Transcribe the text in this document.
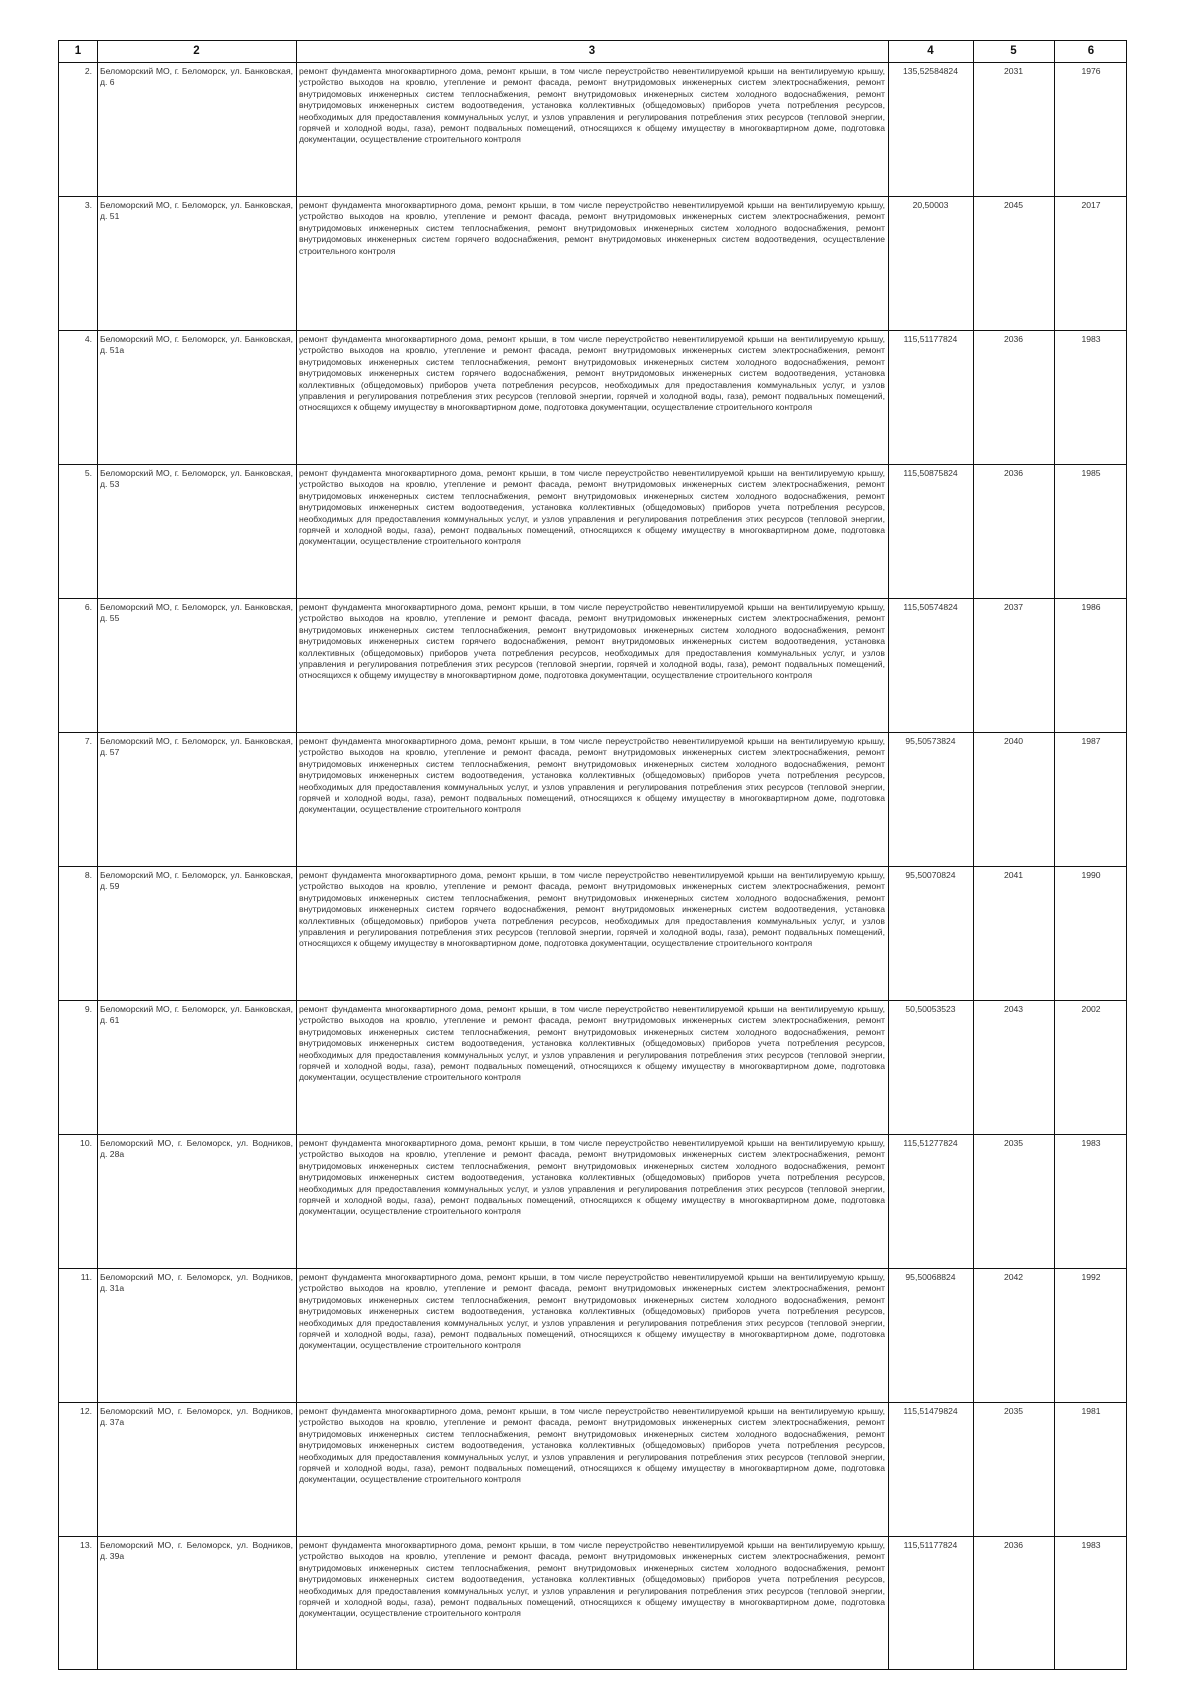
1	2	3	4	5	6
2. Беломорский МО, г. Беломорск, ул. Банковская, д. 6
ремонт фундамента многоквартирного дома, ремонт крыши, в том числе переустройство невентилируемой крыши на вентилируемую крышу, устройство выходов на кровлю, утепление и ремонт фасада, ремонт внутридомовых инженерных систем электроснабжения, ремонт внутридомовых инженерных систем теплоснабжения, ремонт внутридомовых инженерных систем холодного водоснабжения, ремонт внутридомовых инженерных систем водоотведения, установка коллективных (общедомовых) приборов учета потребления ресурсов, необходимых для предоставления коммунальных услуг, и узлов управления и регулирования потребления этих ресурсов (тепловой энергии, горячей и холодной воды, газа), ремонт подвальных помещений, относящихся к общему имуществу в многоквартирном доме, подготовка документации, осуществление строительного контроля
135,52584824	2031	1976
3. Беломорский МО, г. Беломорск, ул. Банковская, д. 51
ремонт фундамента многоквартирного дома, ремонт крыши, в том числе переустройство невентилируемой крыши на вентилируемую крышу, устройство выходов на кровлю, утепление и ремонт фасада, ремонт внутридомовых инженерных систем электроснабжения, ремонт внутридомовых инженерных систем теплоснабжения, ремонт внутридомовых инженерных систем холодного водоснабжения, ремонт внутридомовых инженерных систем горячего водоснабжения, ремонт внутридомовых инженерных систем водоотведения, осуществление строительного контроля
20,50003	2045	2017
4. Беломорский МО, г. Беломорск, ул. Банковская, д. 51а
ремонт фундамента многоквартирного дома, ремонт крыши, в том числе переустройство невентилируемой крыши на вентилируемую крышу, устройство выходов на кровлю, утепление и ремонт фасада, ремонт внутридомовых инженерных систем электроснабжения, ремонт внутридомовых инженерных систем теплоснабжения, ремонт внутридомовых инженерных систем холодного водоснабжения, ремонт внутридомовых инженерных систем горячего водоснабжения, ремонт внутридомовых инженерных систем водоотведения, установка коллективных (общедомовых) приборов учета потребления ресурсов, необходимых для предоставления коммунальных услуг, и узлов управления и регулирования потребления этих ресурсов (тепловой энергии, горячей и холодной воды, газа), ремонт подвальных помещений, относящихся к общему имуществу в многоквартирном доме, подготовка документации, осуществление строительного контроля
115,51177824	2036	1983
5. Беломорский МО, г. Беломорск, ул. Банковская, д. 53
ремонт фундамента многоквартирного дома, ремонт крыши, в том числе переустройство невентилируемой крыши на вентилируемую крышу, устройство выходов на кровлю, утепление и ремонт фасада, ремонт внутридомовых инженерных систем электроснабжения, ремонт внутридомовых инженерных систем теплоснабжения, ремонт внутридомовых инженерных систем холодного водоснабжения, ремонт внутридомовых инженерных систем водоотведения, установка коллективных (общедомовых) приборов учета потребления ресурсов, необходимых для предоставления коммунальных услуг, и узлов управления и регулирования потребления этих ресурсов (тепловой энергии, горячей и холодной воды, газа), ремонт подвальных помещений, относящихся к общему имуществу в многоквартирном доме, подготовка документации, осуществление строительного контроля
115,50875824	2036	1985
6. Беломорский МО, г. Беломорск, ул. Банковская, д. 55
ремонт фундамента многоквартирного дома, ремонт крыши, в том числе переустройство невентилируемой крыши на вентилируемую крышу, устройство выходов на кровлю, утепление и ремонт фасада, ремонт внутридомовых инженерных систем электроснабжения, ремонт внутридомовых инженерных систем теплоснабжения, ремонт внутридомовых инженерных систем холодного водоснабжения, ремонт внутридомовых инженерных систем горячего водоснабжения, ремонт внутридомовых инженерных систем водоотведения, установка коллективных (общедомовых) приборов учета потребления ресурсов, необходимых для предоставления коммунальных услуг, и узлов управления и регулирования потребления этих ресурсов (тепловой энергии, горячей и холодной воды, газа), ремонт подвальных помещений, относящихся к общему имуществу в многоквартирном доме, подготовка документации, осуществление строительного контроля
115,50574824	2037	1986
7. Беломорский МО, г. Беломорск, ул. Банковская, д. 57
ремонт фундамента многоквартирного дома, ремонт крыши, в том числе переустройство невентилируемой крыши на вентилируемую крышу, устройство выходов на кровлю, утепление и ремонт фасада, ремонт внутридомовых инженерных систем электроснабжения, ремонт внутридомовых инженерных систем теплоснабжения, ремонт внутридомовых инженерных систем холодного водоснабжения, ремонт внутридомовых инженерных систем водоотведения, установка коллективных (общедомовых) приборов учета потребления ресурсов, необходимых для предоставления коммунальных услуг, и узлов управления и регулирования потребления этих ресурсов (тепловой энергии, горячей и холодной воды, газа), ремонт подвальных помещений, относящихся к общему имуществу в многоквартирном доме, подготовка документации, осуществление строительного контроля
95,50573824	2040	1987
8. Беломорский МО, г. Беломорск, ул. Банковская, д. 59
ремонт фундамента многоквартирного дома, ремонт крыши, в том числе переустройство невентилируемой крыши на вентилируемую крышу, устройство выходов на кровлю, утепление и ремонт фасада, ремонт внутридомовых инженерных систем электроснабжения, ремонт внутридомовых инженерных систем теплоснабжения, ремонт внутридомовых инженерных систем холодного водоснабжения, ремонт внутридомовых инженерных систем горячего водоснабжения, ремонт внутридомовых инженерных систем водоотведения, установка коллективных (общедомовых) приборов учета потребления ресурсов, необходимых для предоставления коммунальных услуг, и узлов управления и регулирования потребления этих ресурсов (тепловой энергии, горячей и холодной воды, газа), ремонт подвальных помещений, относящихся к общему имуществу в многоквартирном доме, подготовка документации, осуществление строительного контроля
95,50070824	2041	1990
9. Беломорский МО, г. Беломорск, ул. Банковская, д. 61
ремонт фундамента многоквартирного дома, ремонт крыши, в том числе переустройство невентилируемой крыши на вентилируемую крышу, устройство выходов на кровлю, утепление и ремонт фасада, ремонт внутридомовых инженерных систем электроснабжения, ремонт внутридомовых инженерных систем теплоснабжения, ремонт внутридомовых инженерных систем холодного водоснабжения, ремонт внутридомовых инженерных систем водоотведения, установка коллективных (общедомовых) приборов учета потребления ресурсов, необходимых для предоставления коммунальных услуг, и узлов управления и регулирования потребления этих ресурсов (тепловой энергии, горячей и холодной воды, газа), ремонт подвальных помещений, относящихся к общему имуществу в многоквартирном доме, подготовка документации, осуществление строительного контроля
50,50053523	2043	2002
10. Беломорский МО, г. Беломорск, ул. Водников, д. 28а
ремонт фундамента многоквартирного дома, ремонт крыши, в том числе переустройство невентилируемой крыши на вентилируемую крышу, устройство выходов на кровлю, утепление и ремонт фасада, ремонт внутридомовых инженерных систем электроснабжения, ремонт внутридомовых инженерных систем теплоснабжения, ремонт внутридомовых инженерных систем холодного водоснабжения, ремонт внутридомовых инженерных систем водоотведения, установка коллективных (общедомовых) приборов учета потребления ресурсов, необходимых для предоставления коммунальных услуг, и узлов управления и регулирования потребления этих ресурсов (тепловой энергии, горячей и холодной воды, газа), ремонт подвальных помещений, относящихся к общему имуществу в многоквартирном доме, подготовка документации, осуществление строительного контроля
115,51277824	2035	1983
11. Беломорский МО, г. Беломорск, ул. Водников, д. 31а
ремонт фундамента многоквартирного дома, ремонт крыши, в том числе переустройство невентилируемой крыши на вентилируемую крышу, устройство выходов на кровлю, утепление и ремонт фасада, ремонт внутридомовых инженерных систем электроснабжения, ремонт внутридомовых инженерных систем теплоснабжения, ремонт внутридомовых инженерных систем холодного водоснабжения, ремонт внутридомовых инженерных систем водоотведения, установка коллективных (общедомовых) приборов учета потребления ресурсов, необходимых для предоставления коммунальных услуг, и узлов управления и регулирования потребления этих ресурсов (тепловой энергии, горячей и холодной воды, газа), ремонт подвальных помещений, относящихся к общему имуществу в многоквартирном доме, подготовка документации, осуществление строительного контроля
95,50068824	2042	1992
12. Беломорский МО, г. Беломорск, ул. Водников, д. 37а
ремонт фундамента многоквартирного дома, ремонт крыши, в том числе переустройство невентилируемой крыши на вентилируемую крышу, устройство выходов на кровлю, утепление и ремонт фасада, ремонт внутридомовых инженерных систем электроснабжения, ремонт внутридомовых инженерных систем теплоснабжения, ремонт внутридомовых инженерных систем холодного водоснабжения, ремонт внутридомовых инженерных систем водоотведения, установка коллективных (общедомовых) приборов учета потребления ресурсов, необходимых для предоставления коммунальных услуг, и узлов управления и регулирования потребления этих ресурсов (тепловой энергии, горячей и холодной воды, газа), ремонт подвальных помещений, относящихся к общему имуществу в многоквартирном доме, подготовка документации, осуществление строительного контроля
115,51479824	2035	1981
13. Беломорский МО, г. Беломорск, ул. Водников, д. 39а
ремонт фундамента многоквартирного дома, ремонт крыши, в том числе переустройство невентилируемой крыши на вентилируемую крышу, устройство выходов на кровлю, утепление и ремонт фасада, ремонт внутридомовых инженерных систем электроснабжения, ремонт внутридомовых инженерных систем теплоснабжения, ремонт внутридомовых инженерных систем холодного водоснабжения, ремонт внутридомовых инженерных систем водоотведения, установка коллективных (общедомовых) приборов учета потребления ресурсов, необходимых для предоставления коммунальных услуг, и узлов управления и регулирования потребления этих ресурсов (тепловой энергии, горячей и холодной воды, газа), ремонт подвальных помещений, относящихся к общему имуществу в многоквартирном доме, подготовка документации, осуществление строительного контроля
115,51177824	2036	1983
